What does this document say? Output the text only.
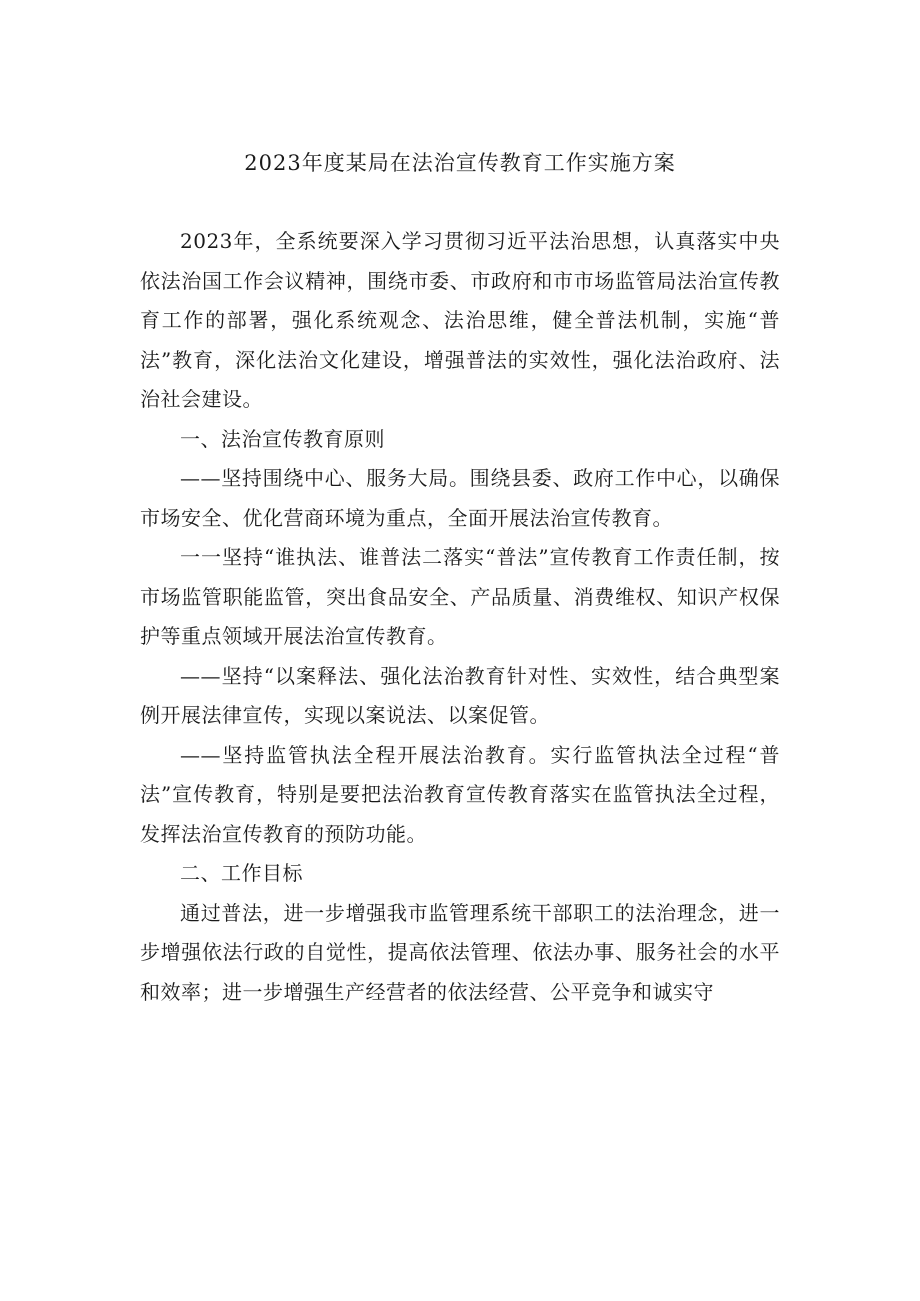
2023年度某局在法治宣传教育工作实施方案

2023年，全系统要深入学习贯彻习近平法治思想，认真落实中央依法治国工作会议精神，围绕市委、市政府和市市场监管局法治宣传教育工作的部署，强化系统观念、法治思维，健全普法机制，实施“普法”教育，深化法治文化建设，增强普法的实效性，强化法治政府、法治社会建设。

一、法治宣传教育原则

——坚持围绕中心、服务大局。围绕县委、政府工作中心，以确保市场安全、优化营商环境为重点，全面开展法治宣传教育。

一一坚持“谁执法、谁普法二落实“普法”宣传教育工作责任制，按市场监管职能监管，突出食品安全、产品质量、消费维权、知识产权保护等重点领域开展法治宣传教育。

——坚持“以案释法、强化法治教育针对性、实效性，结合典型案例开展法律宣传，实现以案说法、以案促管。

——坚持监管执法全程开展法治教育。实行监管执法全过程“普法”宣传教育，特别是要把法治教育宣传教育落实在监管执法全过程，发挥法治宣传教育的预防功能。

二、工作目标

通过普法，进一步增强我市监管理系统干部职工的法治理念，进一步增强依法行政的自觉性，提高依法管理、依法办事、服务社会的水平和效率；进一步增强生产经营者的依法经营、公平竞争和诚实守
